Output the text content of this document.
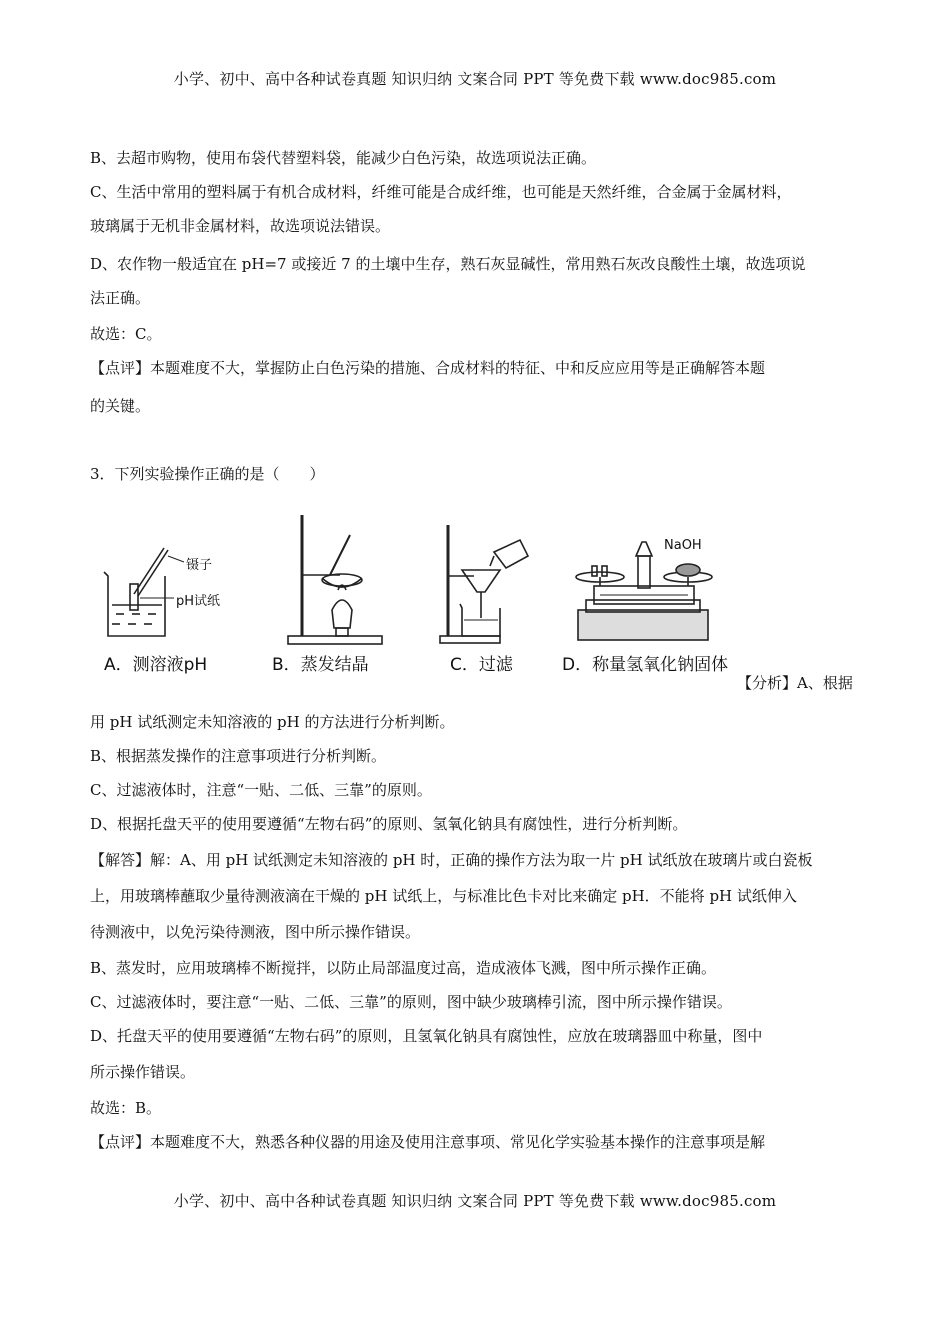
小学、初中、高中各种试卷真题 知识归纳 文案合同 PPT 等免费下载 www.doc985.com
B、去超市购物，使用布袋代替塑料袋，能减少白色污染，故选项说法正确。
C、生活中常用的塑料属于有机合成材料，纤维可能是合成纤维，也可能是天然纤维，合金属于金属材料，
玻璃属于无机非金属材料，故选项说法错误。
D、农作物一般适宜在 pH=7 或接近 7 的土壤中生存，熟石灰显碱性，常用熟石灰改良酸性土壤，故选项说
法正确。
故选：C。
【点评】本题难度不大，掌握防止白色污染的措施、合成材料的特征、中和反应应用等是正确解答本题
的关键。
3．下列实验操作正确的是（　　）
用 pH 试纸测定未知溶液的 pH 的方法进行分析判断。
B、根据蒸发操作的注意事项进行分析判断。
C、过滤液体时，注意“一贴、二低、三靠”的原则。
D、根据托盘天平的使用要遵循“左物右码”的原则、氢氧化钠具有腐蚀性，进行分析判断。
【解答】解：A、用 pH 试纸测定未知溶液的 pH 时，正确的操作方法为取一片 pH 试纸放在玻璃片或白瓷板
上，用玻璃棒蘸取少量待测液滴在干燥的 pH 试纸上，与标准比色卡对比来确定 pH．不能将 pH 试纸伸入
待测液中，以免污染待测液，图中所示操作错误。
B、蒸发时，应用玻璃棒不断搅拌，以防止局部温度过高，造成液体飞溅，图中所示操作正确。
C、过滤液体时，要注意“一贴、二低、三靠”的原则，图中缺少玻璃棒引流，图中所示操作错误。
D、托盘天平的使用要遵循“左物右码”的原则，且氢氧化钠具有腐蚀性，应放在玻璃器皿中称量，图中
所示操作错误。
故选：B。
【点评】本题难度不大，熟悉各种仪器的用途及使用注意事项、常见化学实验基本操作的注意事项是解
镊子
pH试纸
NaOH
A．测溶液pH	B．蒸发结晶	C．过滤	D．称量氢氧化钠固体
【分析】A、根据
小学、初中、高中各种试卷真题 知识归纳 文案合同 PPT 等免费下载 www.doc985.com
